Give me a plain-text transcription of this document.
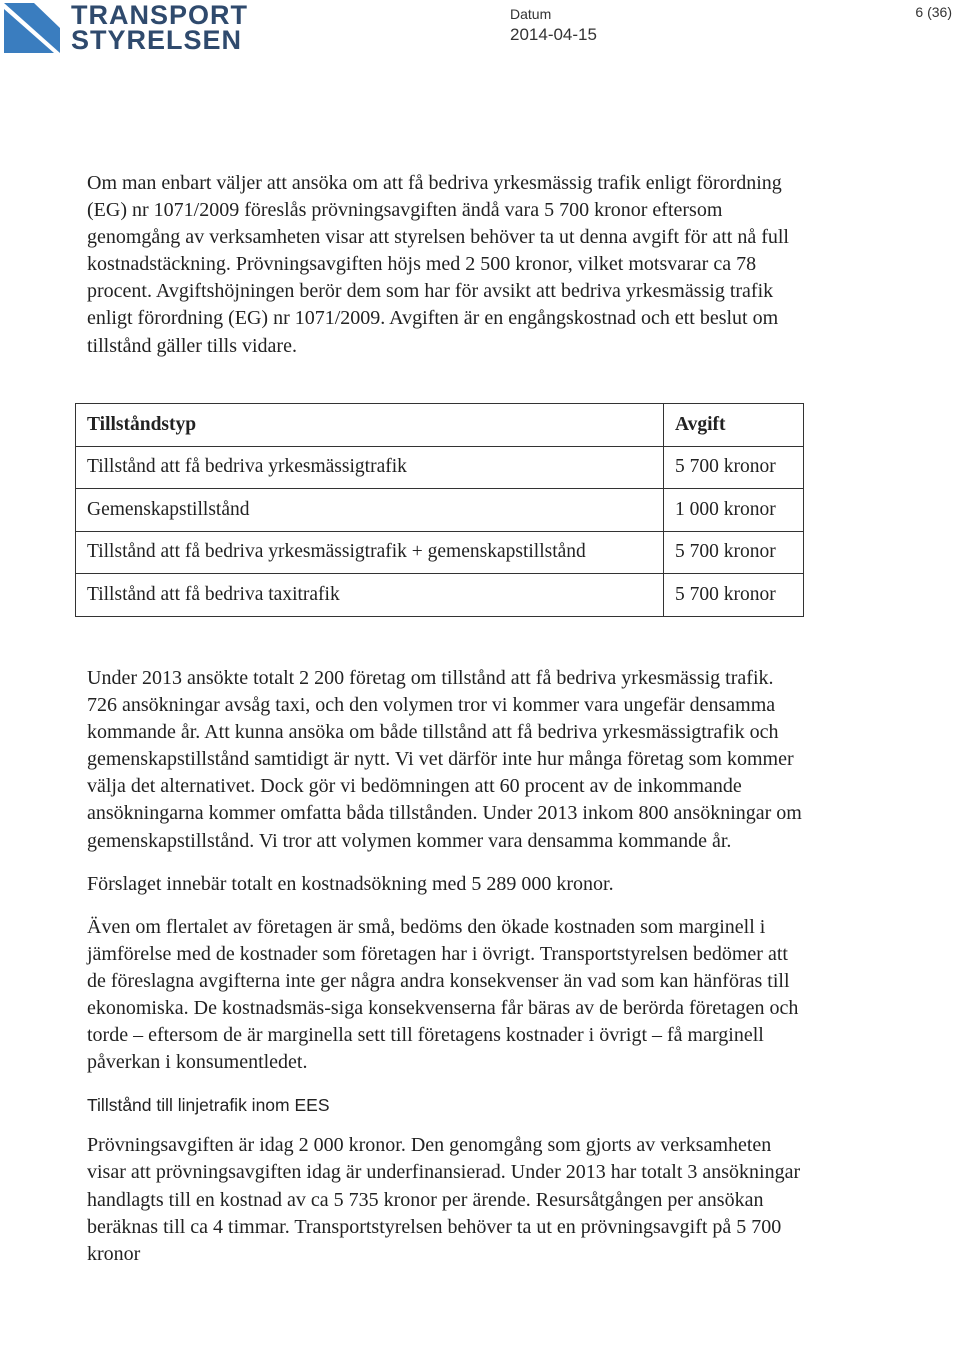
TRANSPORT
STYRELSEN
Datum
2014-04-15
6 (36)

Om man enbart väljer att ansöka om att få bedriva yrkesmässig trafik enligt förordning (EG) nr 1071/2009 föreslås prövningsavgiften ändå vara 5 700 kronor eftersom genomgång av verksamheten visar att styrelsen behöver ta ut denna avgift för att nå full kostnadstäckning. Prövningsavgiften höjs med 2 500 kronor, vilket motsvarar ca 78 procent. Avgiftshöjningen berör dem som har för avsikt att bedriva yrkesmässig trafik enligt förordning (EG) nr 1071/2009. Avgiften är en engångskostnad och ett beslut om tillstånd gäller tills vidare.

Tillståndstyp	Avgift
Tillstånd att få bedriva yrkesmässigtrafik	5 700 kronor
Gemenskapstillstånd	1 000 kronor
Tillstånd att få bedriva yrkesmässigtrafik + gemenskapstillstånd	5 700 kronor
Tillstånd att få bedriva taxitrafik	5 700 kronor

Under 2013 ansökte totalt 2 200 företag om tillstånd att få bedriva yrkesmässig trafik. 726 ansökningar avsåg taxi, och den volymen tror vi kommer vara ungefär densamma kommande år. Att kunna ansöka om både tillstånd att få bedriva yrkesmässigtrafik och gemenskapstillstånd samtidigt är nytt. Vi vet därför inte hur många företag som kommer välja det alternativet. Dock gör vi bedömningen att 60 procent av de inkommande ansökningarna kommer omfatta båda tillstånden. Under 2013 inkom 800 ansökningar om gemenskapstillstånd. Vi tror att volymen kommer vara densamma kommande år.

Förslaget innebär totalt en kostnadsökning med 5 289 000 kronor.

Även om flertalet av företagen är små, bedöms den ökade kostnaden som marginell i jämförelse med de kostnader som företagen har i övrigt. Transportstyrelsen bedömer att de föreslagna avgifterna inte ger några andra konsekvenser än vad som kan hänföras till ekonomiska. De kostnadsmäs-siga konsekvenserna får bäras av de berörda företagen och torde – eftersom de är marginella sett till företagens kostnader i övrigt – få marginell påverkan i konsumentledet.

Tillstånd till linjetrafik inom EES

Prövningsavgiften är idag 2 000 kronor. Den genomgång som gjorts av verksamheten visar att prövningsavgiften idag är underfinansierad. Under 2013 har totalt 3 ansökningar handlagts till en kostnad av ca 5 735 kronor per ärende. Resursåtgången per ansökan beräknas till ca 4 timmar. Transportstyrelsen behöver ta ut en prövningsavgift på 5 700 kronor
